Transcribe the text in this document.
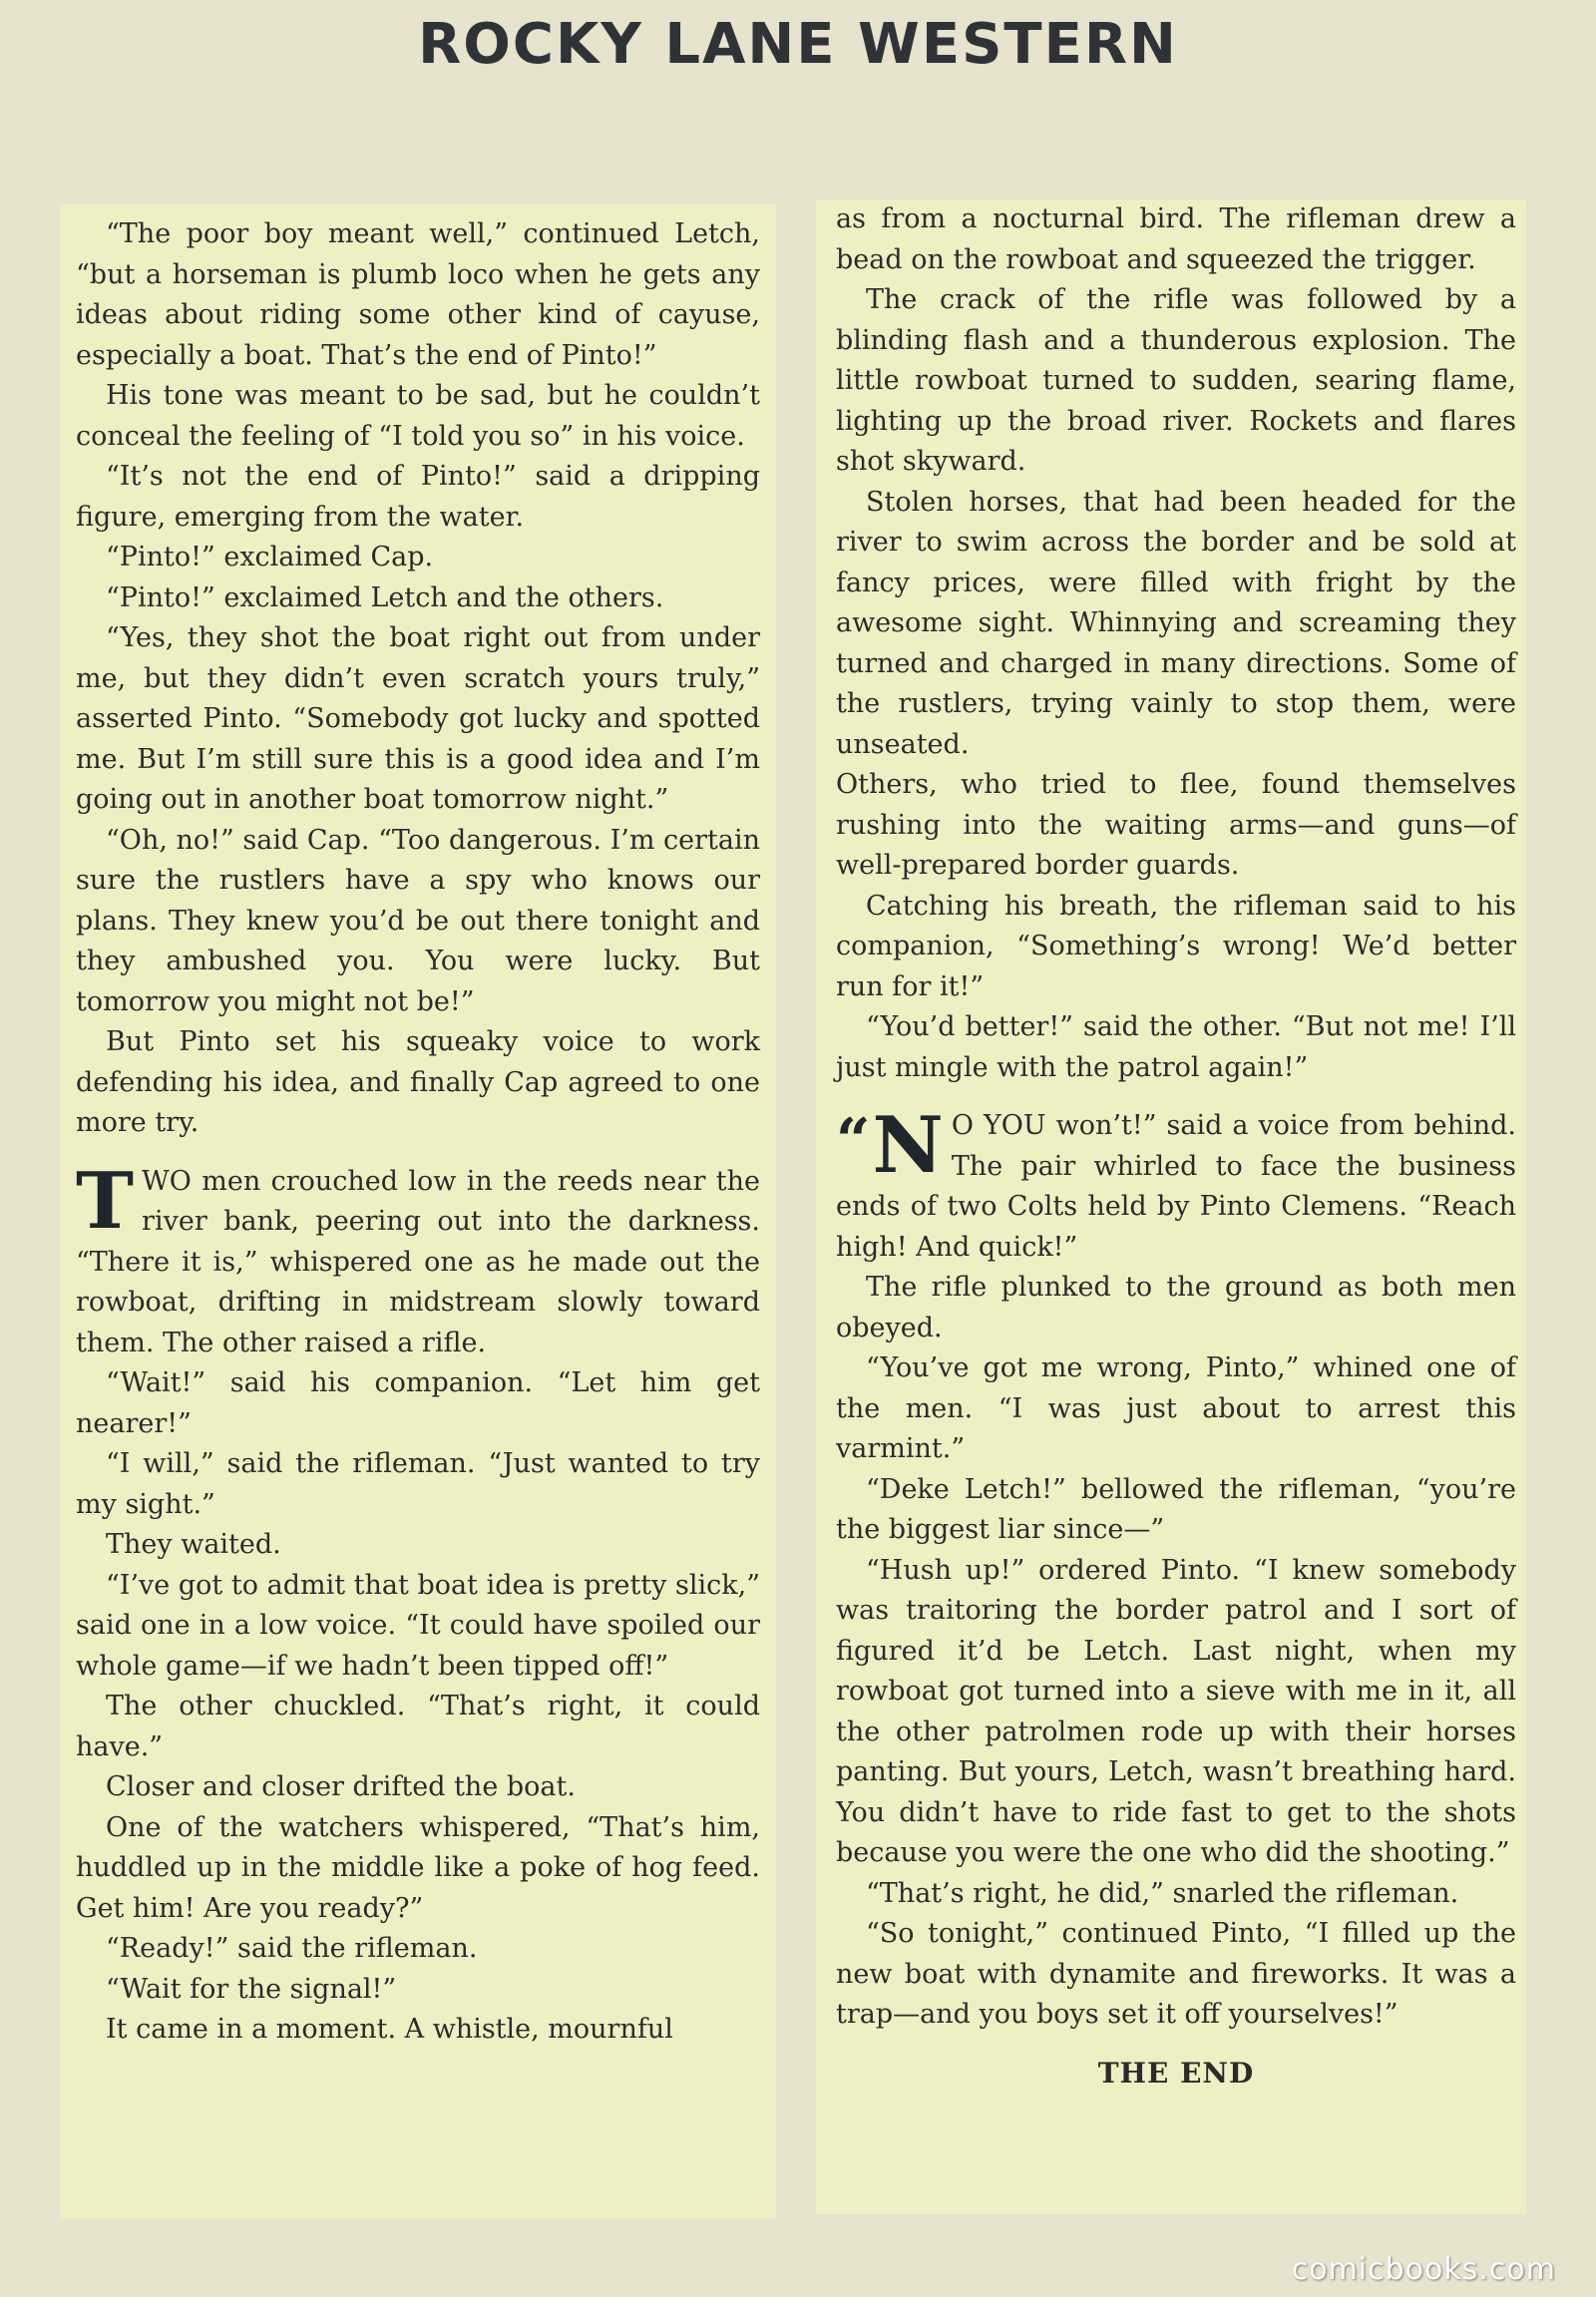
ROCKY LANE WESTERN

“The poor boy meant well,” continued Letch, “but a horseman is plumb loco when he gets any ideas about riding some other kind of cayuse, especially a boat. That’s the end of Pinto!”

His tone was meant to be sad, but he couldn’t conceal the feeling of “I told you so” in his voice.

“It’s not the end of Pinto!” said a dripping figure, emerging from the water.

“Pinto!” exclaimed Cap.

“Pinto!” exclaimed Letch and the others.

“Yes, they shot the boat right out from under me, but they didn’t even scratch yours truly,” asserted Pinto. “Somebody got lucky and spotted me. But I’m still sure this is a good idea and I’m going out in another boat tomorrow night.”

“Oh, no!” said Cap. “Too dangerous. I’m certain sure the rustlers have a spy who knows our plans. They knew you’d be out there tonight and they ambushed you. You were lucky. But tomorrow you might not be!”

But Pinto set his squeaky voice to work defending his idea, and finally Cap agreed to one more try.

TWO men crouched low in the reeds near the river bank, peering out into the darkness. “There it is,” whispered one as he made out the rowboat, drifting in midstream slowly toward them. The other raised a rifle.

“Wait!” said his companion. “Let him get nearer!”

“I will,” said the rifleman. “Just wanted to try my sight.”

They waited.

“I’ve got to admit that boat idea is pretty slick,” said one in a low voice. “It could have spoiled our whole game—if we hadn’t been tipped off!”

The other chuckled. “That’s right, it could have.”

Closer and closer drifted the boat.

One of the watchers whispered, “That’s him, huddled up in the middle like a poke of hog feed. Get him! Are you ready?”

“Ready!” said the rifleman.

“Wait for the signal!”

It came in a moment. A whistle, mournful

as from a nocturnal bird. The rifleman drew a bead on the rowboat and squeezed the trigger.

The crack of the rifle was followed by a blinding flash and a thunderous explosion. The little rowboat turned to sudden, searing flame, lighting up the broad river. Rockets and flares shot skyward.

Stolen horses, that had been headed for the river to swim across the border and be sold at fancy prices, were filled with fright by the awesome sight. Whinnying and screaming they turned and charged in many directions. Some of the rustlers, trying vainly to stop them, were unseated.

Others, who tried to flee, found themselves rushing into the waiting arms—and guns—of well-prepared border guards.

Catching his breath, the rifleman said to his companion, “Something’s wrong! We’d better run for it!”

“You’d better!” said the other. “But not me! I’ll just mingle with the patrol again!”

“ N O YOU won’t!” said a voice from behind. The pair whirled to face the business ends of two Colts held by Pinto Clemens. “Reach high! And quick!”

The rifle plunked to the ground as both men obeyed.

“You’ve got me wrong, Pinto,” whined one of the men. “I was just about to arrest this varmint.”

“Deke Letch!” bellowed the rifleman, “you’re the biggest liar since—”

“Hush up!” ordered Pinto. “I knew somebody was traitoring the border patrol and I sort of figured it’d be Letch. Last night, when my rowboat got turned into a sieve with me in it, all the other patrolmen rode up with their horses panting. But yours, Letch, wasn’t breathing hard. You didn’t have to ride fast to get to the shots because you were the one who did the shooting.”

“That’s right, he did,” snarled the rifleman.

“So tonight,” continued Pinto, “I filled up the new boat with dynamite and fireworks. It was a trap—and you boys set it off yourselves!”

THE END
comicbooks.com
